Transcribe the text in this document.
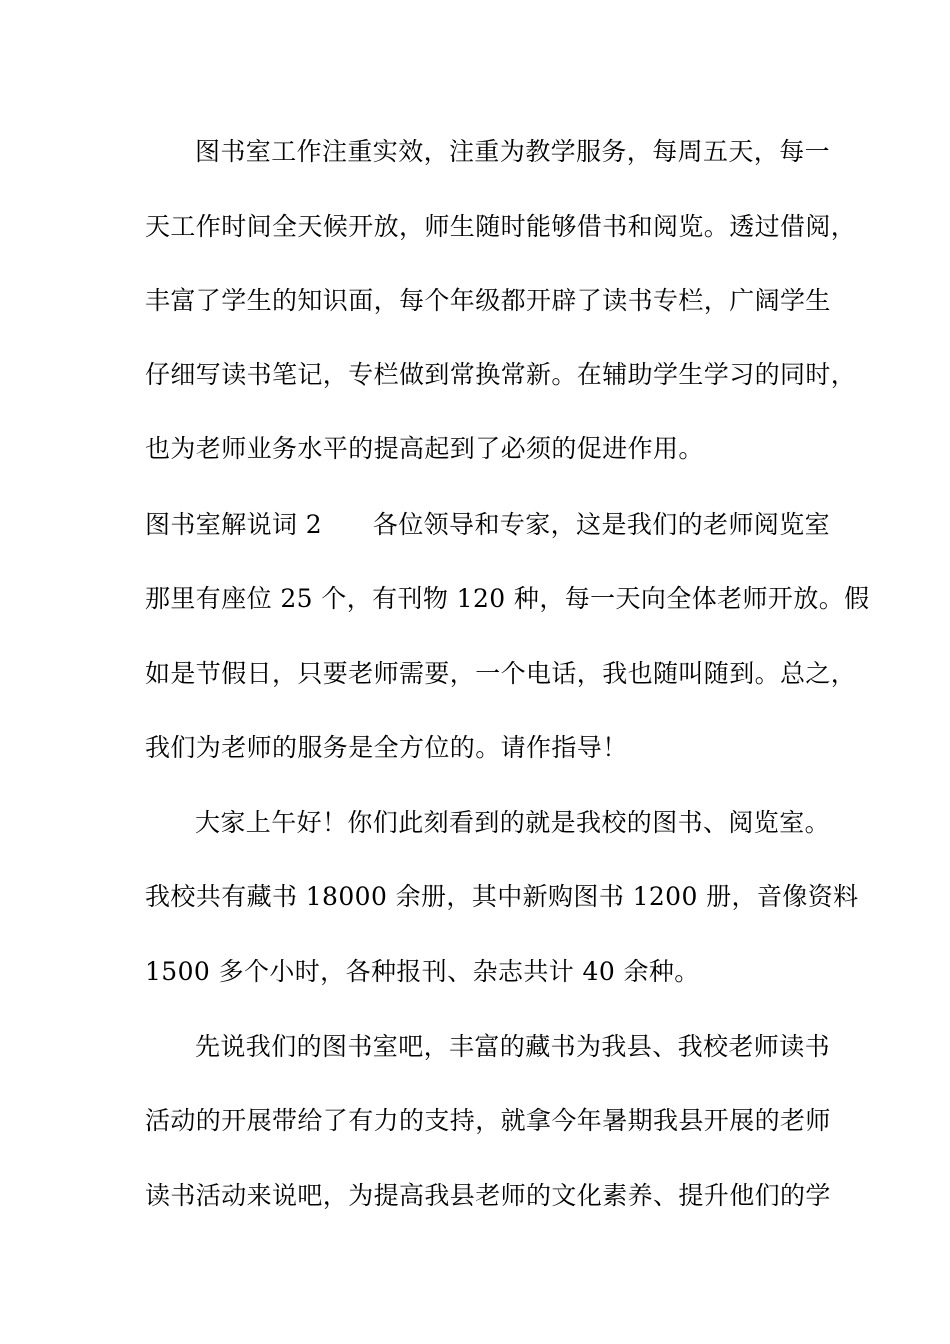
图书室工作注重实效，注重为教学服务，每周五天，每一
天工作时间全天候开放，师生随时能够借书和阅览。透过借阅，
丰富了学生的知识面，每个年级都开辟了读书专栏，广阔学生
仔细写读书笔记，专栏做到常换常新。在辅助学生学习的同时，
也为老师业务水平的提高起到了必须的促进作用。
图书室解说词 2　　各位领导和专家，这是我们的老师阅览室
那里有座位 25 个，有刊物 120 种，每一天向全体老师开放。假
如是节假日，只要老师需要，一个电话，我也随叫随到。总之，
我们为老师的服务是全方位的。请作指导！
大家上午好！你们此刻看到的就是我校的图书、阅览室。
我校共有藏书 18000 余册，其中新购图书 1200 册，音像资料
1500 多个小时，各种报刊、杂志共计 40 余种。
先说我们的图书室吧，丰富的藏书为我县、我校老师读书
活动的开展带给了有力的支持，就拿今年暑期我县开展的老师
读书活动来说吧，为提高我县老师的文化素养、提升他们的学
